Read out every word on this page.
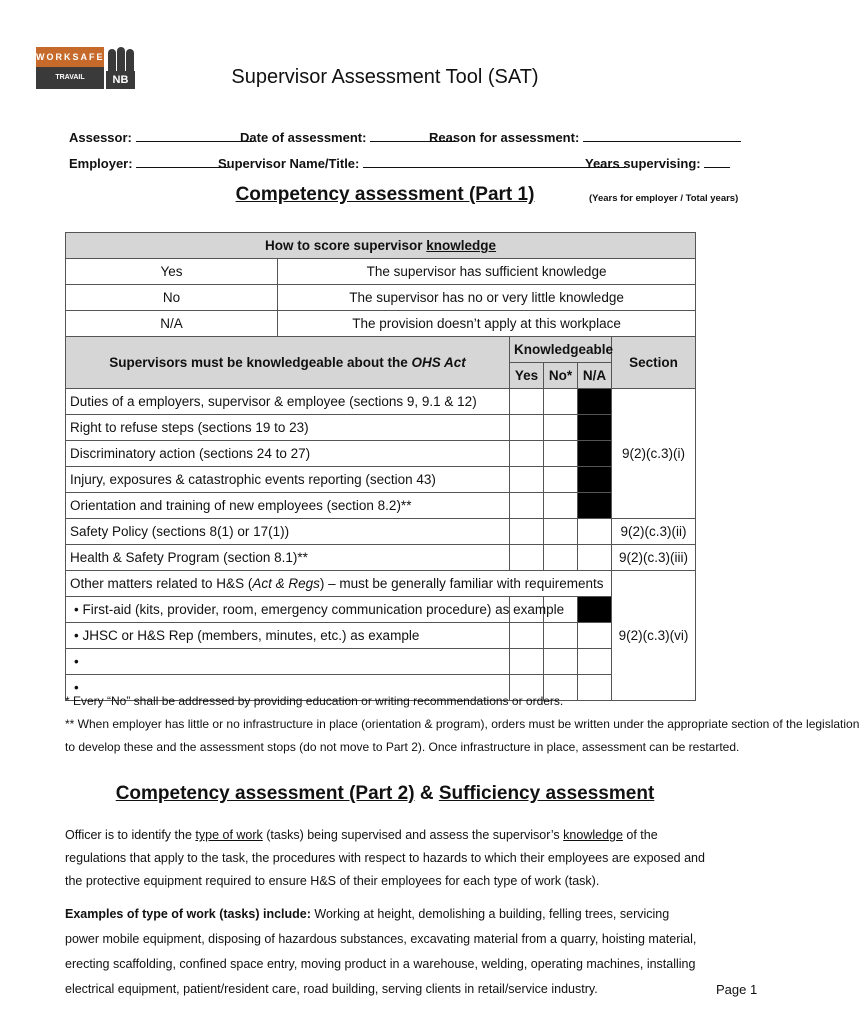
WORKSAFE
TRAVAIL SÉCURITAIRE
NB	Supervisor Assessment Tool (SAT)
Assessor:	Date of assessment:	Reason for assessment:
Employer:	Supervisor Name/Title:	Years supervising:
Competency assessment (Part 1)	(Years for employer / Total years)
How to score supervisor knowledge					
Yes	The supervisor has sufficient knowledge				
No	The supervisor has no or very little knowledge				
N/A	The provision doesn’t apply at this workplace				
Supervisors must be knowledgeable about the OHS Act		Knowledgeable			Section
		Yes	No*	N/A	
Duties of a employers, supervisor & employee (sections 9, 9.1 & 12)					9(2)(c.3)(i)
Right to refuse steps (sections 19 to 23)					
Discriminatory action (sections 24 to 27)					
Injury, exposures & catastrophic events reporting (section 43)					
Orientation and training of new employees (section 8.2)**					
Safety Policy (sections 8(1) or 17(1))					9(2)(c.3)(ii)
Health & Safety Program (section 8.1)**					9(2)(c.3)(iii)
Other matters related to H&S (Act & Regs) – must be generally familiar with requirements					9(2)(c.3)(vi)
• First-aid (kits, provider, room, emergency communication procedure) as example					
• JHSC or H&S Rep (members, minutes, etc.) as example					
•					
•					
* Every “No” shall be addressed by providing education or writing recommendations or orders.
** When employer has little or no infrastructure in place (orientation & program), orders must be written under the appropriate section of the legislation
to develop these and the assessment stops (do not move to Part 2). Once infrastructure in place, assessment can be restarted.
Competency assessment (Part 2) & Sufficiency assessment
Officer is to identify the type of work (tasks) being supervised and assess the supervisor’s knowledge of the regulations that apply to the task, the procedures with respect to hazards to which their employees are exposed and the protective equipment required to ensure H&S of their employees for each type of work (task).
Examples of type of work (tasks) include: Working at height, demolishing a building, felling trees, servicing power mobile equipment, disposing of hazardous substances, excavating material from a quarry, hoisting material, erecting scaffolding, confined space entry, moving product in a warehouse, welding, operating machines, installing electrical equipment, patient/resident care, road building, serving clients in retail/service industry.	Page 1
